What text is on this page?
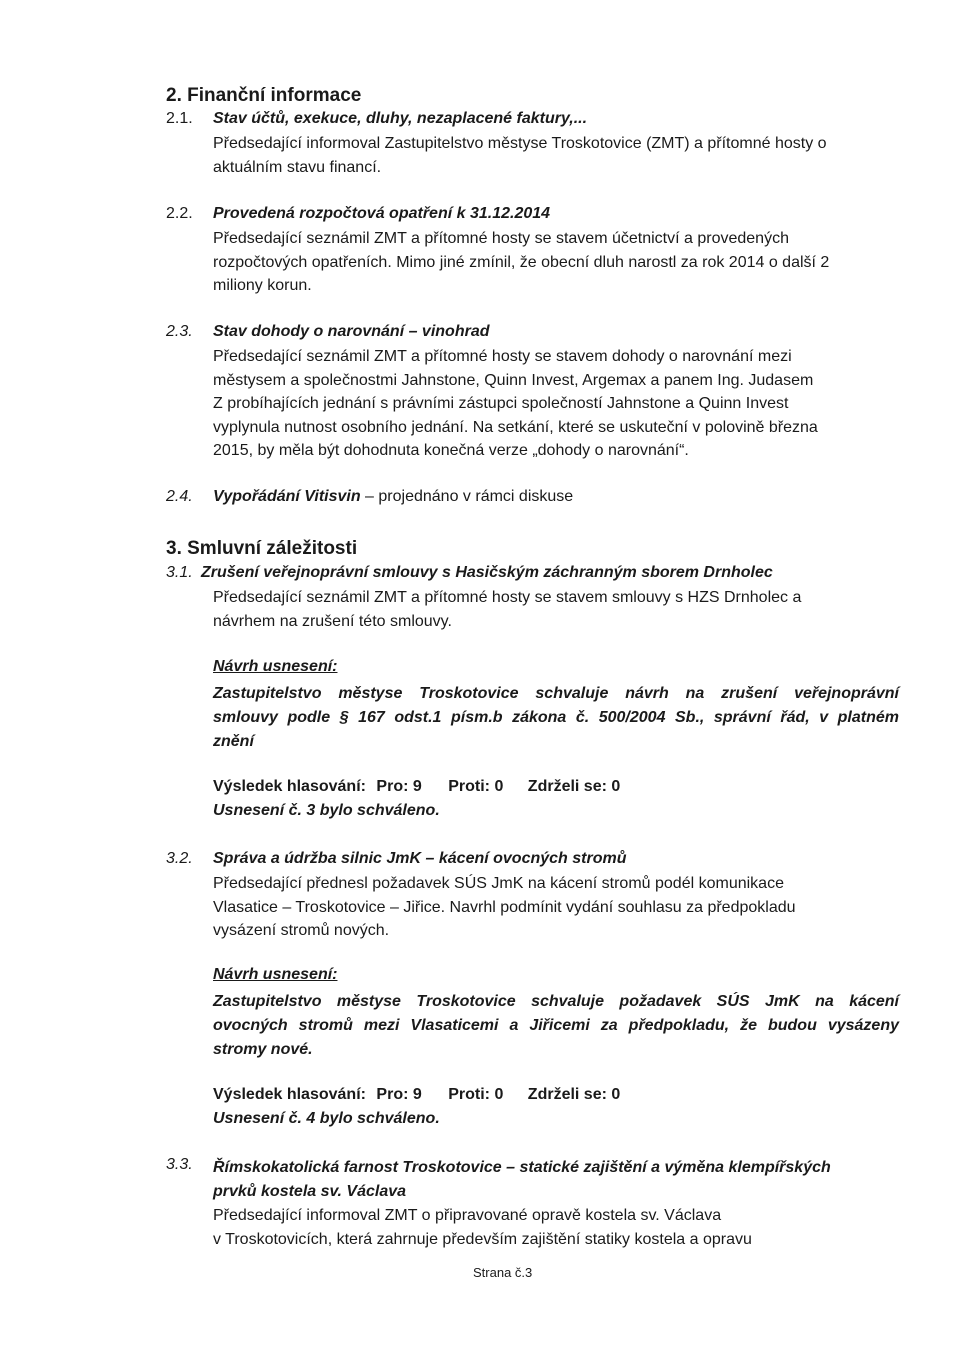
2. Finanční informace
2.1. Stav účtů, exekuce, dluhy, nezaplacené faktury,...
Předsedající informoval Zastupitelstvo městyse Troskotovice (ZMT) a přítomné hosty o
aktuálním stavu financí.
2.2. Provedená rozpočtová opatření k 31.12.2014
Předsedající seznámil ZMT a přítomné hosty se stavem účetnictví a provedených
rozpočtových opatřeních. Mimo jiné zmínil, že obecní dluh narostl za rok 2014 o další 2
miliony korun.
2.3. Stav dohody o narovnání – vinohrad
Předsedající seznámil ZMT a přítomné hosty se stavem dohody o narovnání mezi
městysem a společnostmi Jahnstone, Quinn Invest, Argemax a panem Ing. Judasem
Z probíhajících jednání s právními zástupci společností Jahnstone a Quinn Invest
vyplynula nutnost osobního jednání. Na setkání, které se uskuteční v polovině března
2015, by měla být dohodnuta konečná verze „dohody o narovnání“.
2.4. Vypořádání Vitisvin – projednáno v rámci diskuse
3. Smluvní záležitosti
3.1. Zrušení veřejnoprávní smlouvy s Hasičským záchranným sborem Drnholec
Předsedající seznámil ZMT a přítomné hosty se stavem smlouvy s HZS Drnholec a
návrhem na zrušení této smlouvy.
Návrh usnesení:
Zastupitelstvo městyse Troskotovice schvaluje návrh na zrušení veřejnoprávní
smlouvy podle § 167 odst.1 písm.b zákona č. 500/2004 Sb., správní řád, v platném
znění
Výsledek hlasování: Pro: 9 Proti: 0 Zdrželi se: 0
Usnesení č. 3 bylo schváleno.
3.2. Správa a údržba silnic JmK – kácení ovocných stromů
Předsedající přednesl požadavek SÚS JmK na kácení stromů podél komunikace
Vlasatice – Troskotovice – Jiřice. Navrhl podmínit vydání souhlasu za předpokladu
vysázení stromů nových.
Návrh usnesení:
Zastupitelstvo městyse Troskotovice schvaluje požadavek SÚS JmK na kácení
ovocných stromů mezi Vlasaticemi a Jiřicemi za předpokladu, že budou vysázeny
stromy nové.
Výsledek hlasování: Pro: 9 Proti: 0 Zdrželi se: 0
Usnesení č. 4 bylo schváleno.
3.3. Římskokatolická farnost Troskotovice – statické zajištění a výměna klempířských
prvků kostela sv. Václava
Předsedající informoval ZMT o připravované opravě kostela sv. Václava
v Troskotovicích, která zahrnuje především zajištění statiky kostela a opravu
Strana č.3
